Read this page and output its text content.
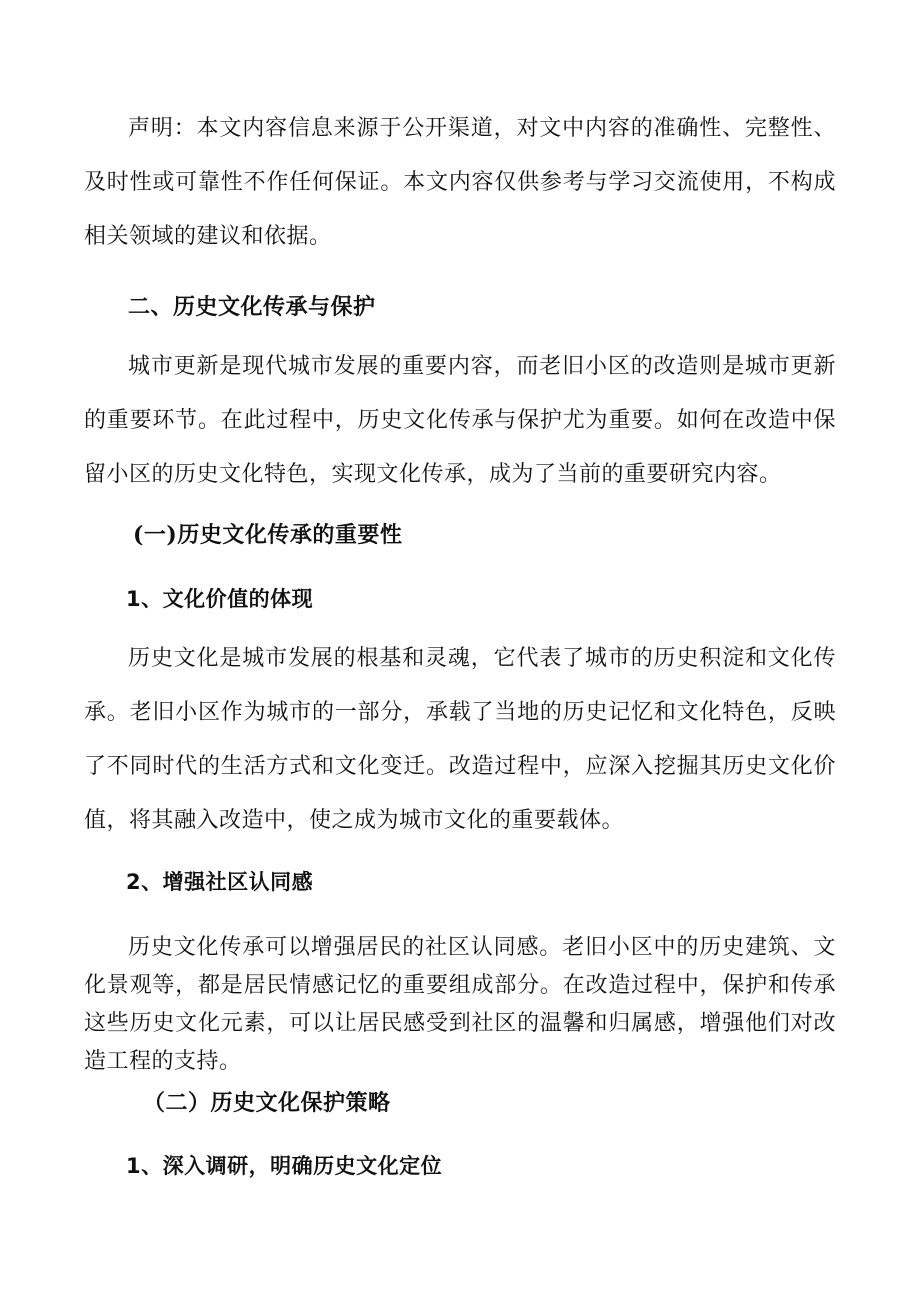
声明：本文内容信息来源于公开渠道，对文中内容的准确性、完整性、及时性或可靠性不作任何保证。本文内容仅供参考与学习交流使用，不构成相关领域的建议和依据。

二、历史文化传承与保护

城市更新是现代城市发展的重要内容，而老旧小区的改造则是城市更新的重要环节。在此过程中，历史文化传承与保护尤为重要。如何在改造中保留小区的历史文化特色，实现文化传承，成为了当前的重要研究内容。

(一)历史文化传承的重要性
1、文化价值的体现

历史文化是城市发展的根基和灵魂，它代表了城市的历史积淀和文化传承。老旧小区作为城市的一部分，承载了当地的历史记忆和文化特色，反映了不同时代的生活方式和文化变迁。改造过程中，应深入挖掘其历史文化价值，将其融入改造中，使之成为城市文化的重要载体。

2、增强社区认同感

历史文化传承可以增强居民的社区认同感。老旧小区中的历史建筑、文化景观等，都是居民情感记忆的重要组成部分。在改造过程中，保护和传承这些历史文化元素，可以让居民感受到社区的温馨和归属感，增强他们对改造工程的支持。

（二）历史文化保护策略
1、深入调研，明确历史文化定位
